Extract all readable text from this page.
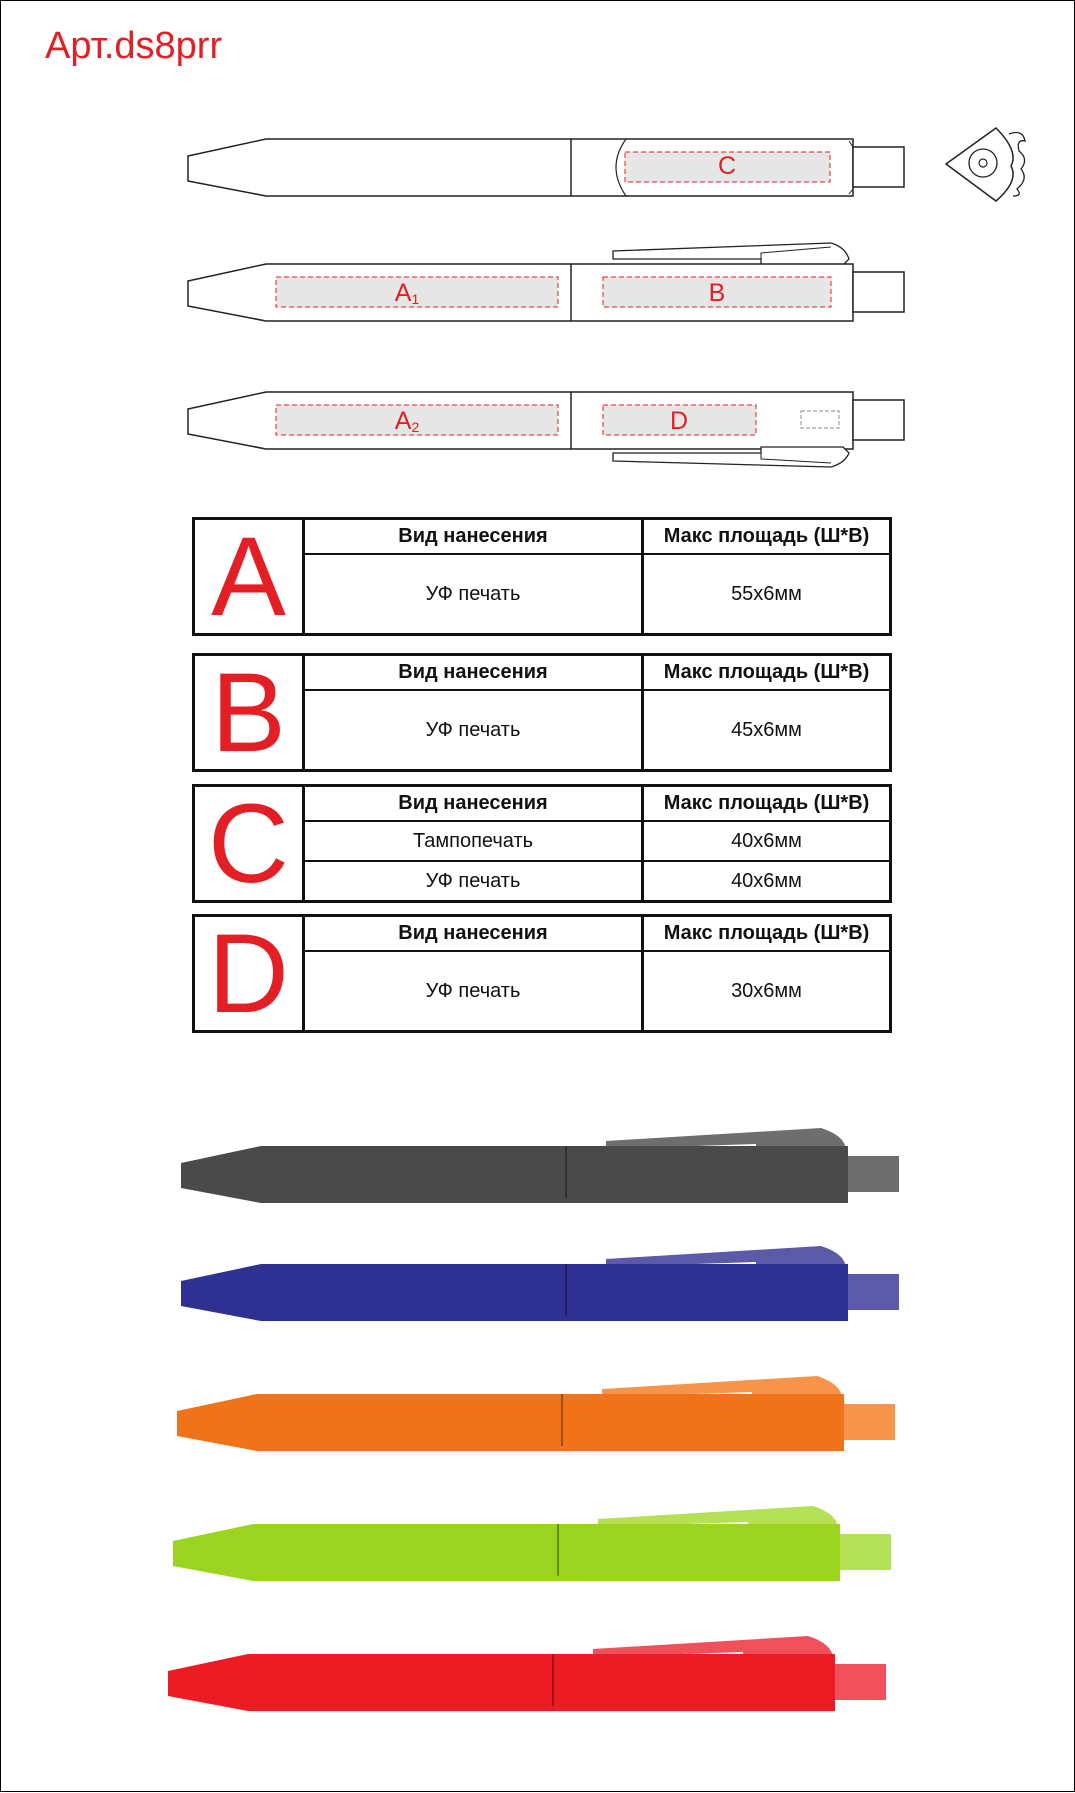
Арт.ds8prr
C
A1	B
A2	D
A	Вид нанесения	Макс площадь (Ш*В)
УФ печать	55x6мм
B	Вид нанесения	Макс площадь (Ш*В)
УФ печать	45x6мм
C	Вид нанесения	Макс площадь (Ш*В)
Тампопечать	40x6мм
УФ печать	40x6мм
D	Вид нанесения	Макс площадь (Ш*В)
УФ печать	30x6мм
